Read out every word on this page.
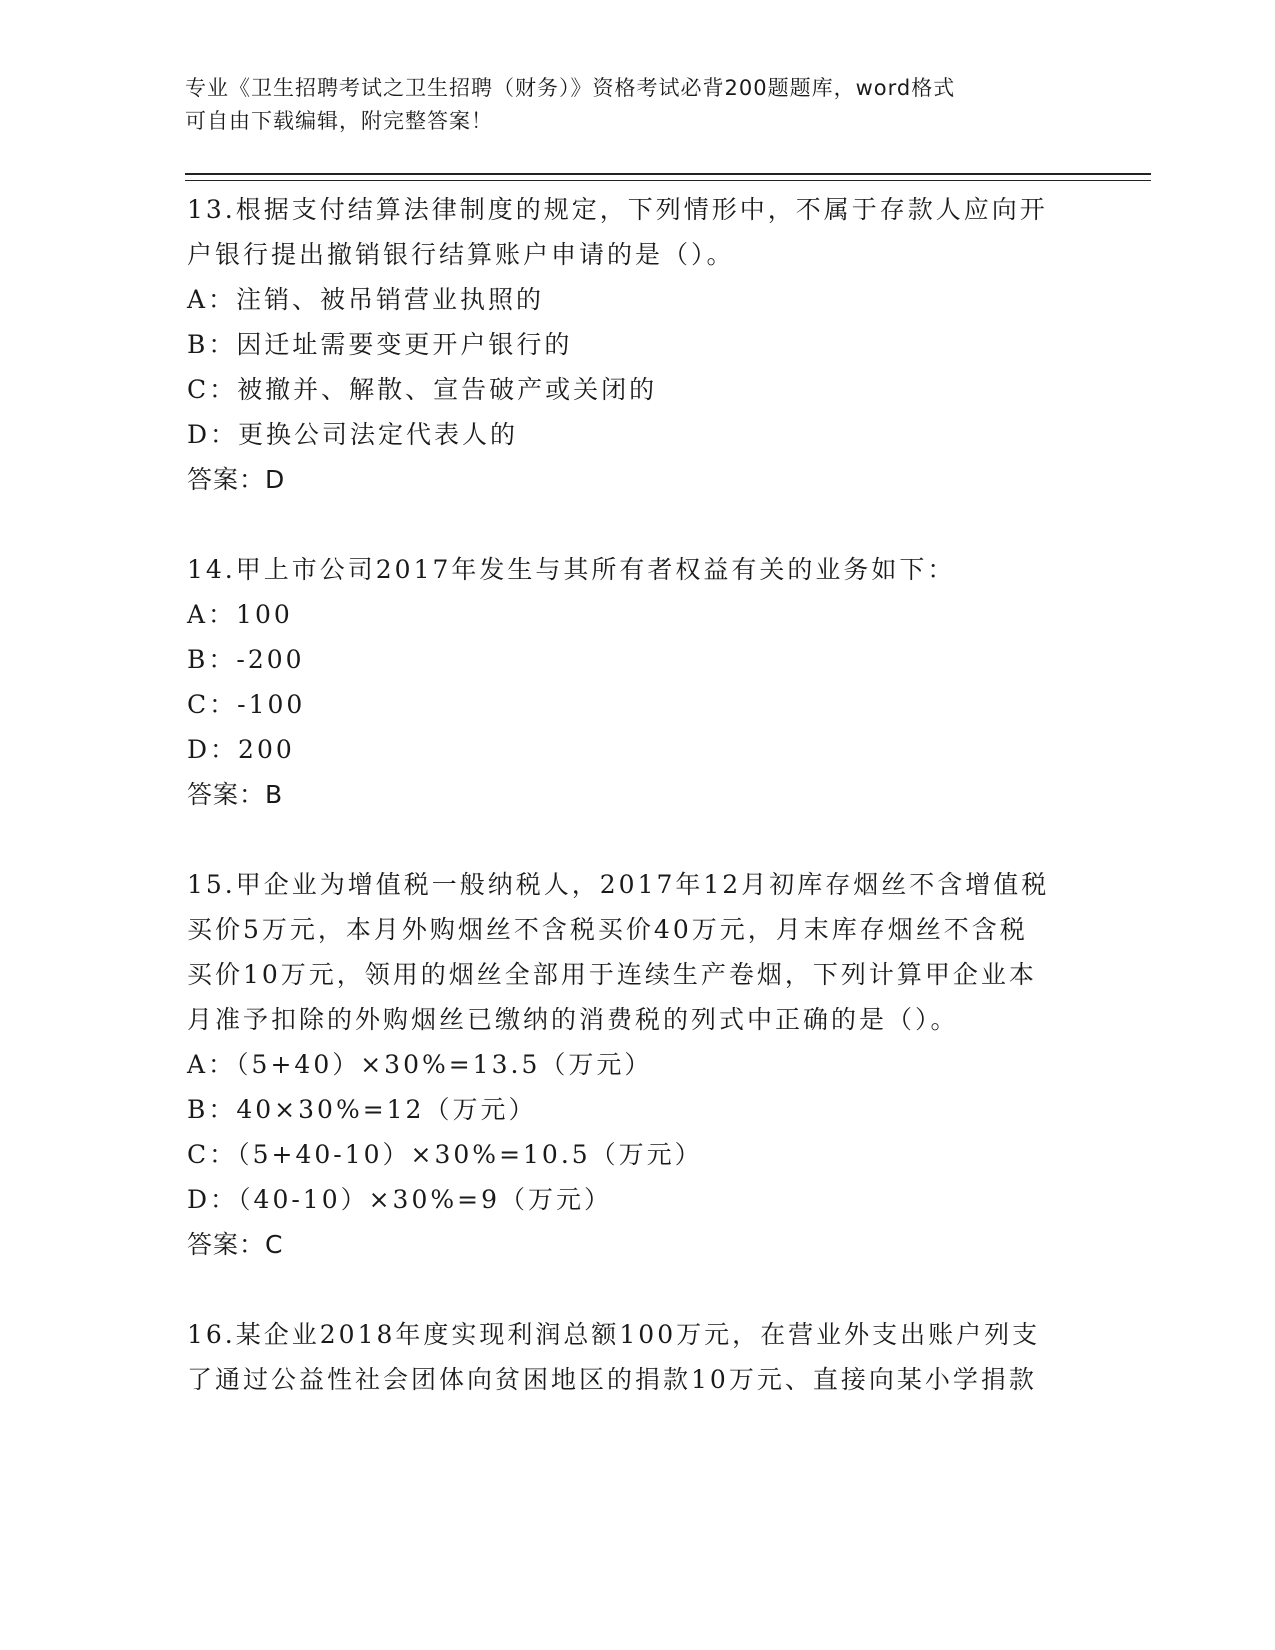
专业《卫生招聘考试之卫生招聘（财务）》资格考试必背200题题库，word格式
可自由下载编辑，附完整答案！
13.根据支付结算法律制度的规定，下列情形中，不属于存款人应向开
户银行提出撤销银行结算账户申请的是（）。
A：注销、被吊销营业执照的
B：因迁址需要变更开户银行的
C：被撤并、解散、宣告破产或关闭的
D：更换公司法定代表人的
答案：D
14.甲上市公司2017年发生与其所有者权益有关的业务如下：
A：100
B：-200
C：-100
D：200
答案：B
15.甲企业为增值税一般纳税人，2017年12月初库存烟丝不含增值税
买价5万元，本月外购烟丝不含税买价40万元，月末库存烟丝不含税
买价10万元，领用的烟丝全部用于连续生产卷烟，下列计算甲企业本
月准予扣除的外购烟丝已缴纳的消费税的列式中正确的是（）。
A：（5+40）×30%=13.5（万元）
B：40×30%=12（万元）
C：（5+40-10）×30%=10.5（万元）
D：（40-10）×30%=9（万元）
答案：C
16.某企业2018年度实现利润总额100万元，在营业外支出账户列支
了通过公益性社会团体向贫困地区的捐款10万元、直接向某小学捐款
